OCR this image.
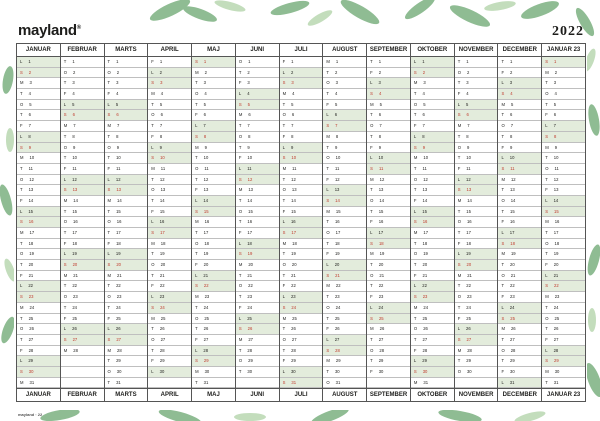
mayland®	2022
JANUAR
L 1
S 2
M 3
T 4
O 5
T 6
F 7
L 8
S 9
M 10
T 11
O 12
T 13
F 14
L 15
S 16
M 17
T 18
O 19
T 20
F 21
L 22
S 23
M 24
T 25
O 26
T 27
F 28
L 29
S 30
M 31
JANUAR
FEBRUAR
T 1
O 2
T 3
F 4
L 5
S 6
M 7
T 8
O 9
T 10
F 11
L 12
S 13
M 14
T 15
O 16
T 17
F 18
L 19
S 20
M 21
T 22
O 23
T 24
F 25
L 26
S 27
M 28
FEBRUAR
MARTS
T 1
O 2
T 3
F 4
L 5
S 6
M 7
T 8
O 9
T 10
F 11
L 12
S 13
M 14
T 15
O 16
T 17
F 18
L 19
S 20
M 21
T 22
O 23
T 24
F 25
L 26
S 27
M 28
T 29
O 30
T 31
MARTS
APRIL
F 1
L 2
S 3
M 4
T 5
O 6
T 7
F 8
L 9
S 10
M 11
T 12
O 13
T 14
F 15
L 16
S 17
M 18
T 19
O 20
T 21
F 22
L 23
S 24
M 25
T 26
O 27
T 28
F 29
L 30
APRIL
MAJ
S 1
M 2
T 3
O 4
T 5
F 6
L 7
S 8
M 9
T 10
O 11
T 12
F 13
L 14
S 15
M 16
T 17
O 18
T 19
F 20
L 21
S 22
M 23
T 24
O 25
T 26
F 27
L 28
S 29
M 30
T 31
MAJ
JUNI
O 1
T 2
F 3
L 4
S 5
M 6
T 7
O 8
T 9
F 10
L 11
S 12
M 13
T 14
O 15
T 16
F 17
L 18
S 19
M 20
T 21
O 22
T 23
F 24
L 25
S 26
M 27
T 28
O 29
T 30
JUNI
JULI
F 1
L 2
S 3
M 4
T 5
O 6
T 7
F 8
L 9
S 10
M 11
T 12
O 13
T 14
F 15
L 16
S 17
M 18
T 19
O 20
T 21
F 22
L 23
S 24
M 25
T 26
O 27
T 28
F 29
L 30
S 31
JULI
AUGUST
M 1
T 2
O 3
T 4
F 5
L 6
S 7
M 8
T 9
O 10
T 11
F 12
L 13
S 14
M 15
T 16
O 17
T 18
F 19
L 20
S 21
M 22
T 23
O 24
T 25
F 26
L 27
S 28
M 29
T 30
O 31
AUGUST
SEPTEMBER
T 1
F 2
L 3
S 4
M 5
T 6
O 7
T 8
F 9
L 10
S 11
M 12
T 13
O 14
T 15
F 16
L 17
S 18
M 19
T 20
O 21
T 22
F 23
L 24
S 25
M 26
T 27
O 28
T 29
F 30
SEPTEMBER
OKTOBER
L 1
S 2
M 3
T 4
O 5
T 6
F 7
L 8
S 9
M 10
T 11
O 12
T 13
F 14
L 15
S 16
M 17
T 18
O 19
T 20
F 21
L 22
S 23
M 24
T 25
O 26
T 27
F 28
L 29
S 30
M 31
OKTOBER
NOVEMBER
T 1
O 2
T 3
F 4
L 5
S 6
M 7
T 8
O 9
T 10
F 11
L 12
S 13
M 14
T 15
O 16
T 17
F 18
L 19
S 20
M 21
T 22
O 23
T 24
F 25
L 26
S 27
M 28
T 29
O 30
NOVEMBER
DECEMBER
T 1
F 2
L 3
S 4
M 5
T 6
O 7
T 8
F 9
L 10
S 11
M 12
T 13
O 14
T 15
F 16
L 17
S 18
M 19
T 20
O 21
T 22
F 23
L 24
S 25
M 26
T 27
O 28
T 29
F 30
L 31
DECEMBER
JANUAR 23
S 1
M 2
T 3
O 4
T 5
F 6
L 7
S 8
M 9
T 10
O 11
T 12
F 13
L 14
S 15
M 16
T 17
O 18
T 19
F 20
L 21
S 22
M 23
T 24
O 25
T 26
F 27
L 28
S 29
M 30
T 31
JANUAR 23
mayland · 22
